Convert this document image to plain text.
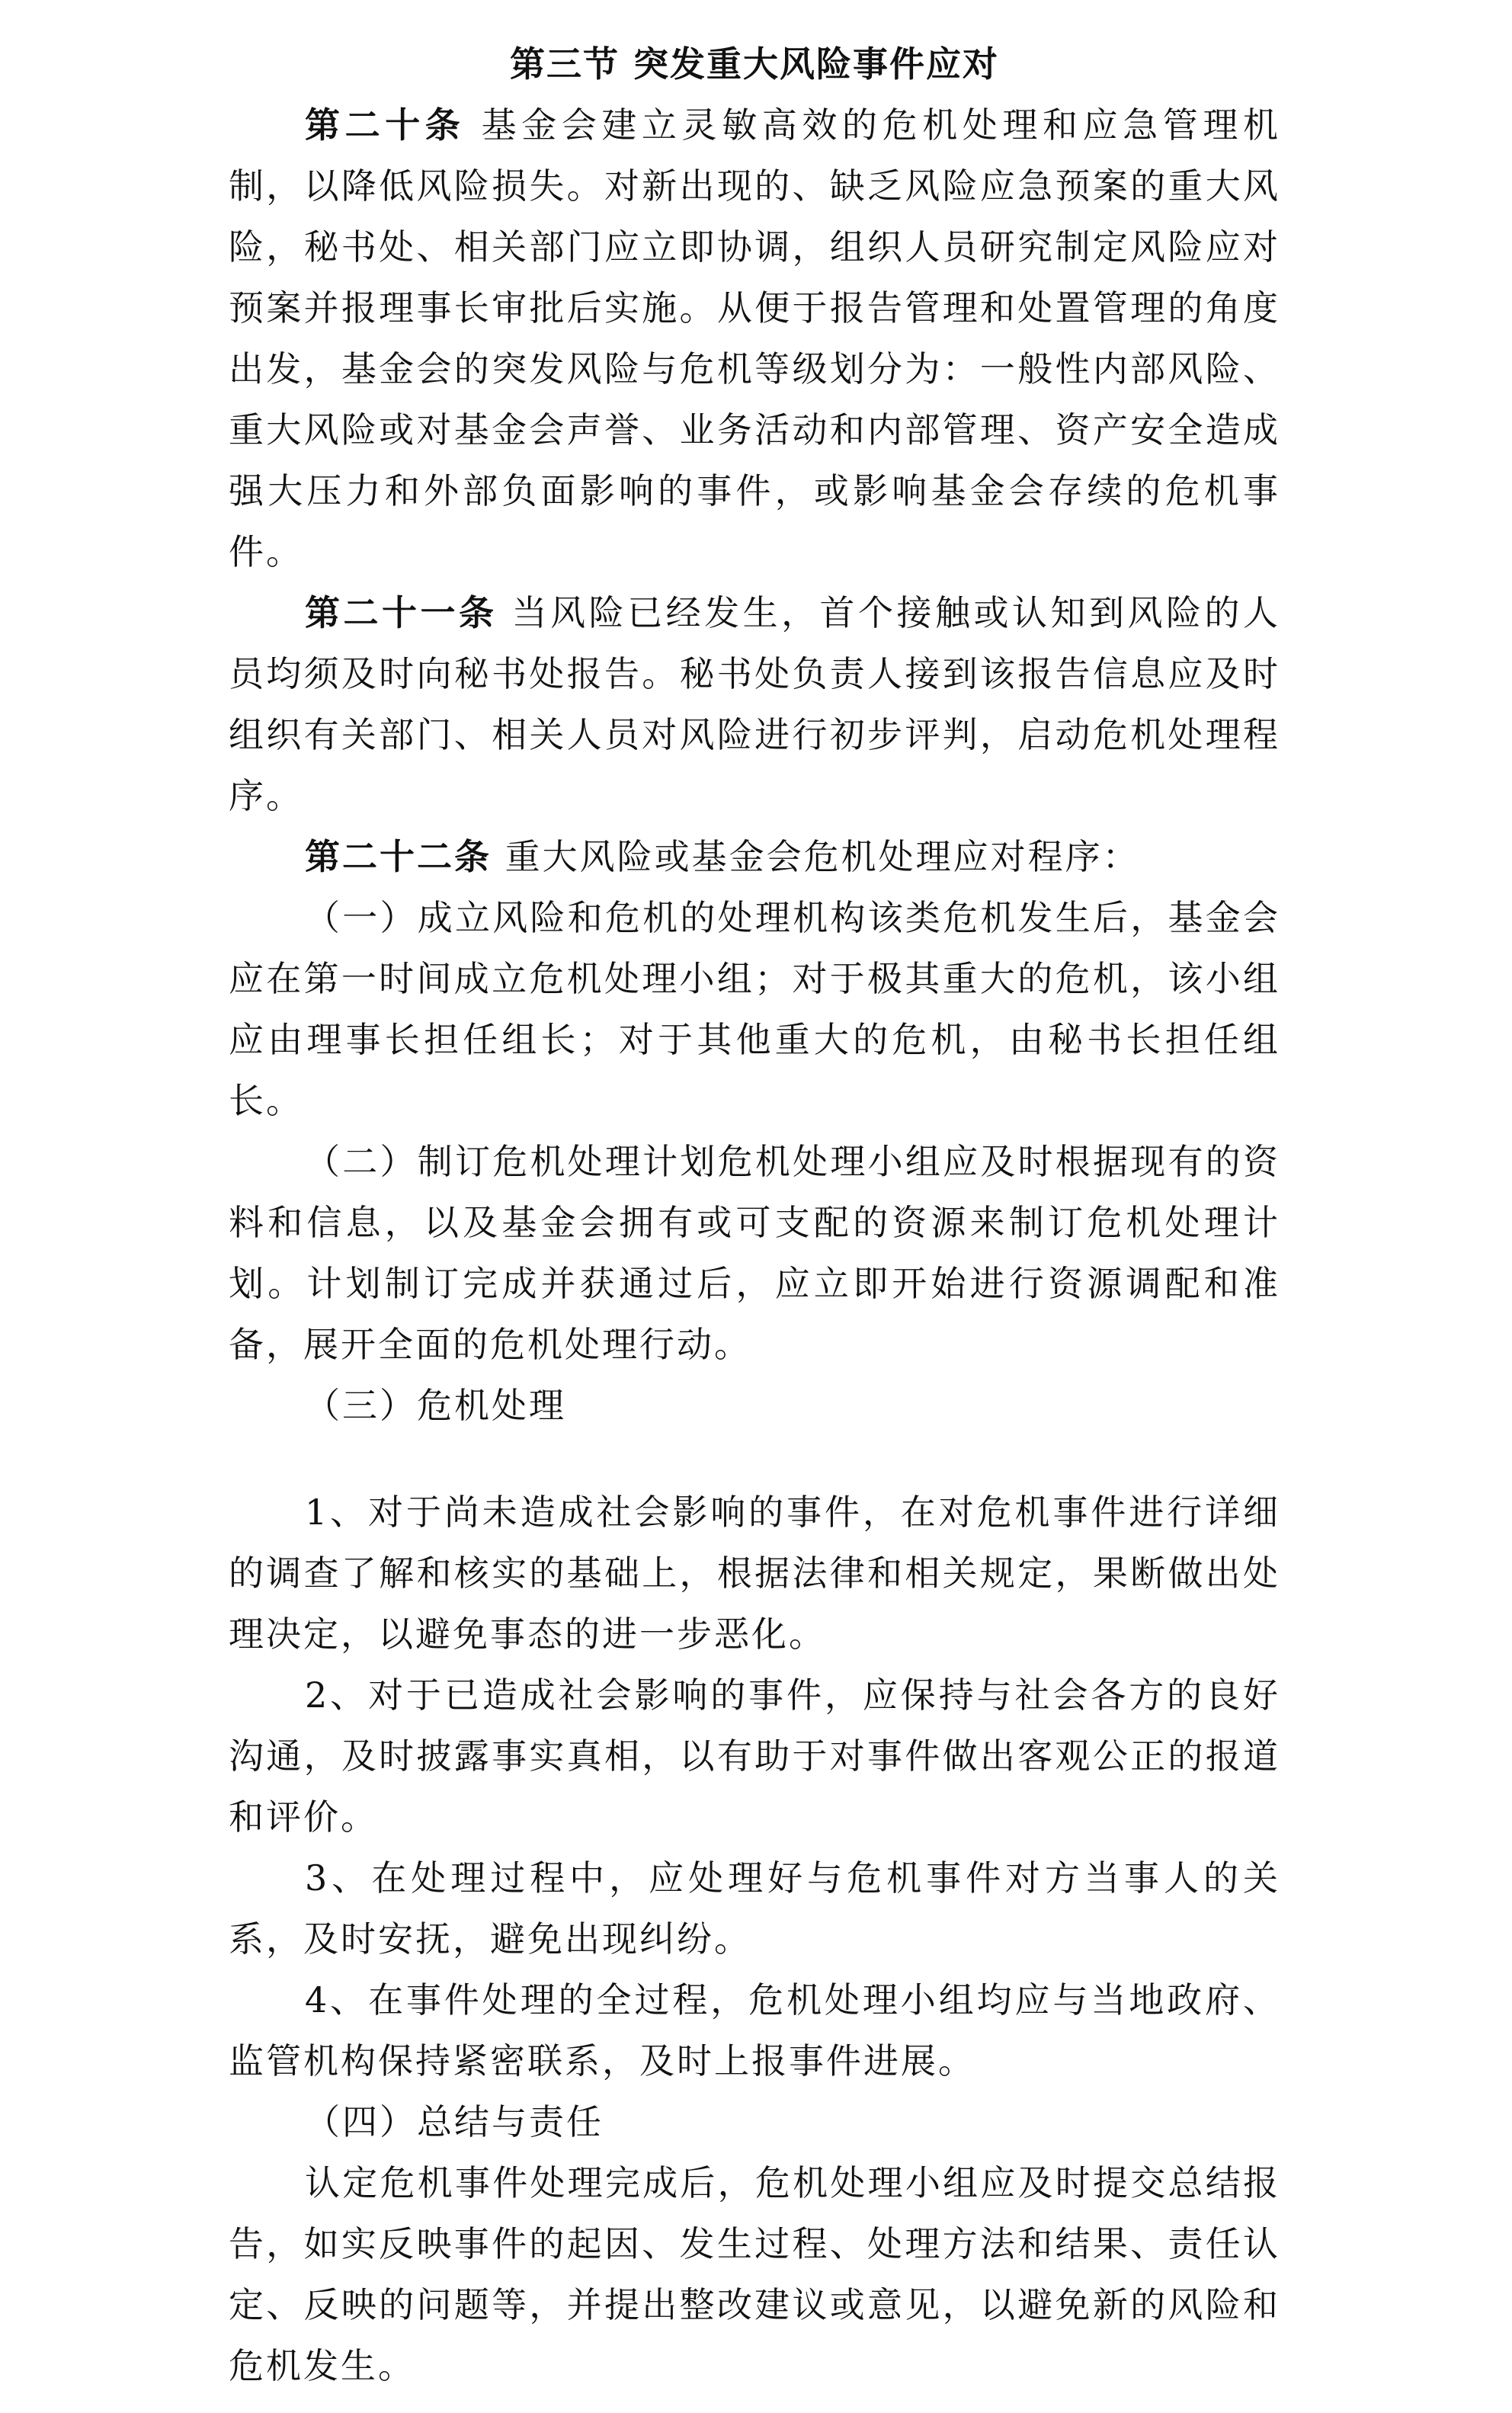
第三节 突发重大风险事件应对

第二十条 基金会建立灵敏高效的危机处理和应急管理机制，以降低风险损失。对新出现的、缺乏风险应急预案的重大风险，秘书处、相关部门应立即协调，组织人员研究制定风险应对预案并报理事长审批后实施。从便于报告管理和处置管理的角度出发，基金会的突发风险与危机等级划分为：一般性内部风险、重大风险或对基金会声誉、业务活动和内部管理、资产安全造成强大压力和外部负面影响的事件，或影响基金会存续的危机事件。

第二十一条 当风险已经发生，首个接触或认知到风险的人员均须及时向秘书处报告。秘书处负责人接到该报告信息应及时组织有关部门、相关人员对风险进行初步评判，启动危机处理程序。

第二十二条 重大风险或基金会危机处理应对程序：

（一）成立风险和危机的处理机构该类危机发生后，基金会应在第一时间成立危机处理小组；对于极其重大的危机，该小组应由理事长担任组长；对于其他重大的危机，由秘书长担任组长。

（二）制订危机处理计划危机处理小组应及时根据现有的资料和信息，以及基金会拥有或可支配的资源来制订危机处理计划。计划制订完成并获通过后，应立即开始进行资源调配和准备，展开全面的危机处理行动。

（三）危机处理

1、对于尚未造成社会影响的事件，在对危机事件进行详细的调查了解和核实的基础上，根据法律和相关规定，果断做出处理决定，以避免事态的进一步恶化。

2、对于已造成社会影响的事件，应保持与社会各方的良好沟通，及时披露事实真相，以有助于对事件做出客观公正的报道和评价。

3、在处理过程中，应处理好与危机事件对方当事人的关系，及时安抚，避免出现纠纷。

4、在事件处理的全过程，危机处理小组均应与当地政府、监管机构保持紧密联系，及时上报事件进展。

（四）总结与责任

认定危机事件处理完成后，危机处理小组应及时提交总结报告，如实反映事件的起因、发生过程、处理方法和结果、责任认定、反映的问题等，并提出整改建议或意见，以避免新的风险和危机发生。
